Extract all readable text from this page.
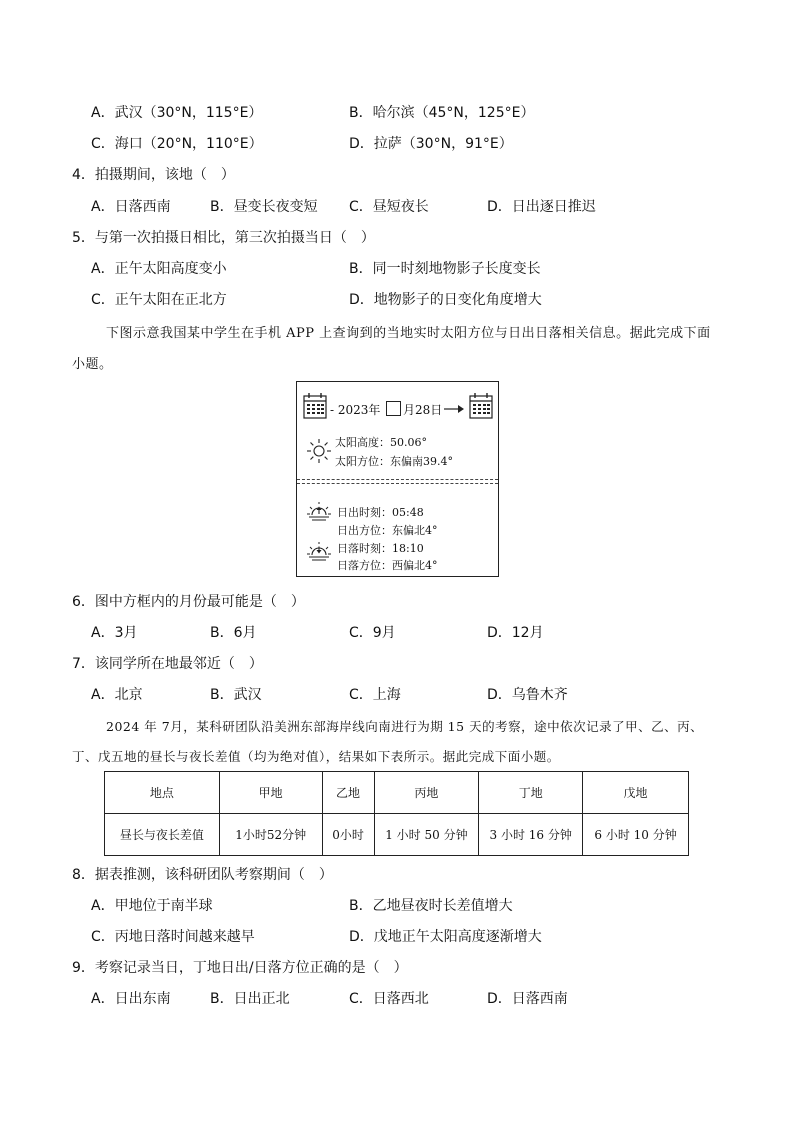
A．武汉（30°N，115°E）	B．哈尔滨（45°N，125°E）
C．海口（20°N，110°E）	D．拉萨（30°N，91°E）
4．拍摄期间，该地（　）
A．日落西南	B．昼变长夜变短 C．昼短夜长	D．日出逐日推迟
5．与第一次拍摄日相比，第三次拍摄当日（　）
A．正午太阳高度变小	B．同一时刻地物影子长度变长
C．正午太阳在正北方	D．地物影子的日变化角度增大
下图示意我国某中学生在手机 APP 上查询到的当地实时太阳方位与日出日落相关信息。据此完成下面
小题。
- 2023年 月28日
太阳高度：50.06°
太阳方位：东偏南39.4°
日出时刻：05:48
日出方位：东偏北4°
日落时刻：18:10
日落方位：西偏北4°
6．图中方框内的月份最可能是（　）
A．3月	B．6月	C．9月	D．12月
7．该同学所在地最邻近（　）
A．北京	B．武汉	C．上海	D．乌鲁木齐
2024 年 7月，某科研团队沿美洲东部海岸线向南进行为期 15 天的考察，途中依次记录了甲、乙、丙、
丁、戊五地的昼长与夜长差值（均为绝对值），结果如下表所示。据此完成下面小题。
地点	甲地	乙地	丙地	丁地	戊地
昼长与夜长差值	1小时52分钟	0小时	1 小时 50 分钟	3 小时 16 分钟	6 小时 10 分钟
8．据表推测，该科研团队考察期间（　）
A．甲地位于南半球	B．乙地昼夜时长差值增大
C．丙地日落时间越来越早	D．戊地正午太阳高度逐渐增大
9．考察记录当日，丁地日出/日落方位正确的是（　）
A．日出东南	B．日出正北	C．日落西北	D．日落西南
